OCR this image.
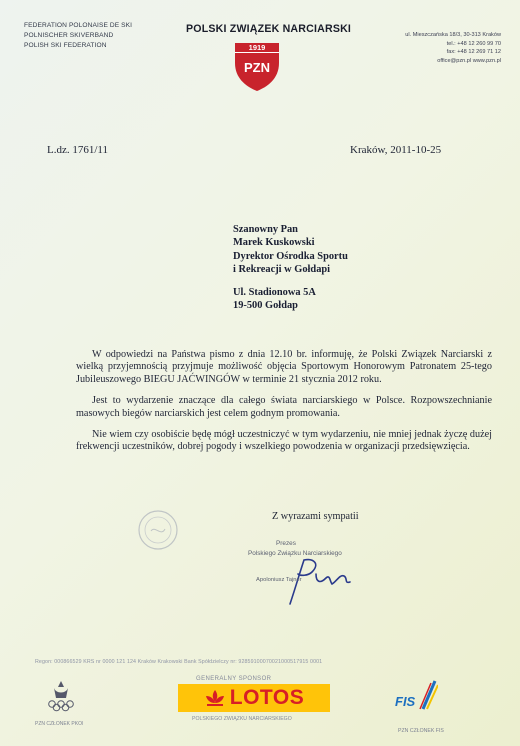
FEDERATION POLONAISE DE SKI
POLNISCHER SKIVERBAND
POLISH SKI FEDERATION
POLSKI ZWIĄZEK NARCIARSKI
1919
PZN
ul. Mieszczańska 18/3, 30-313 Kraków
tel.: +48 12 260 99 70
fax: +48 12 269 71 12
office@pzn.pl www.pzn.pl
L.dz. 1761/11	Kraków, 2011-10-25
Szanowny Pan
Marek Kuskowski
Dyrektor Ośrodka Sportu
i Rekreacji w Gołdapi
Ul. Stadionowa 5A
19-500 Gołdap

W odpowiedzi na Państwa pismo z dnia 12.10 br. informuję, że Polski Związek Narciarski z wielką przyjemnością przyjmuje możliwość objęcia Sportowym Honorowym Patronatem 25-tego Jubileuszowego BIEGU JAĆWINGÓW w terminie 21 stycznia 2012 roku.

Jest to wydarzenie znaczące dla całego świata narciarskiego w Polsce. Rozpowszechnianie masowych biegów narciarskich jest celem godnym promowania.

Nie wiem czy osobiście będę mógł uczestniczyć w tym wydarzeniu, nie mniej jednak życzę dużej frekwencji uczestników, dobrej pogody i wszelkiego powodzenia w organizacji przedsięwzięcia.

Z wyrazami sympatii
Prezes
Polskiego Związku Narciarskiego
Apoloniusz Tajner
Regon: 000866529 KRS nr 0000 121 124 Kraków Krakowski Bank Spółdzielczy nr: 92859100070021000517915 0001
PZN CZŁONEK PKOl
GENERALNY SPONSOR
LOTOS
POLSKIEGO ZWIĄZKU NARCIARSKIEGO
FIS
PZN CZŁONEK FIS
